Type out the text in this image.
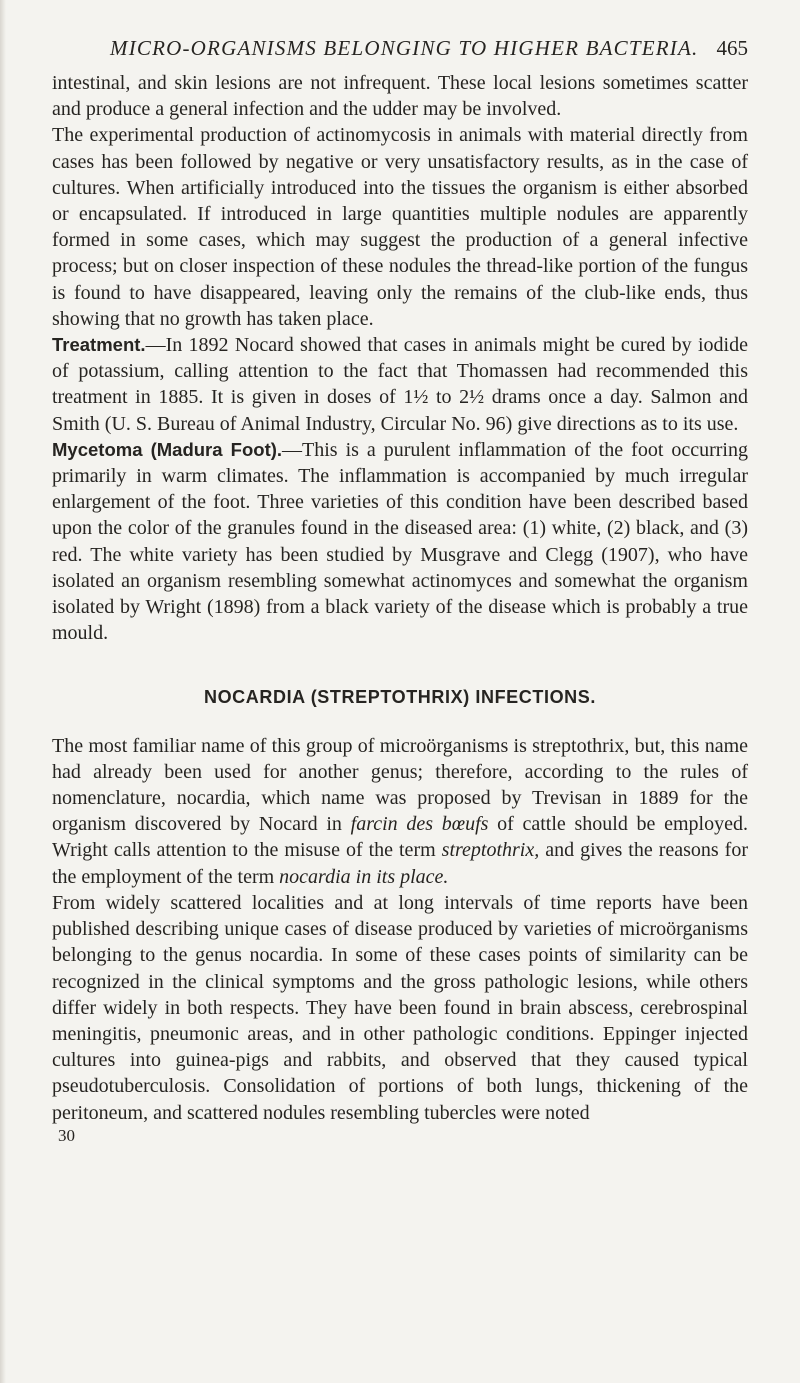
MICRO-ORGANISMS BELONGING TO HIGHER BACTERIA. 465

intestinal, and skin lesions are not infrequent. These local lesions sometimes scatter and produce a general infection and the udder may be involved.

The experimental production of actinomycosis in animals with material directly from cases has been followed by negative or very unsatisfactory results, as in the case of cultures. When artificially introduced into the tissues the organism is either absorbed or encapsulated. If introduced in large quantities multiple nodules are apparently formed in some cases, which may suggest the production of a general infective process; but on closer inspection of these nodules the thread-like portion of the fungus is found to have disappeared, leaving only the remains of the club-like ends, thus showing that no growth has taken place.

Treatment.—In 1892 Nocard showed that cases in animals might be cured by iodide of potassium, calling attention to the fact that Thomassen had recommended this treatment in 1885. It is given in doses of 1½ to 2½ drams once a day. Salmon and Smith (U. S. Bureau of Animal Industry, Circular No. 96) give directions as to its use.

Mycetoma (Madura Foot).—This is a purulent inflammation of the foot occurring primarily in warm climates. The inflammation is accompanied by much irregular enlargement of the foot. Three varieties of this condition have been described based upon the color of the granules found in the diseased area: (1) white, (2) black, and (3) red. The white variety has been studied by Musgrave and Clegg (1907), who have isolated an organism resembling somewhat actinomyces and somewhat the organism isolated by Wright (1898) from a black variety of the disease which is probably a true mould.

NOCARDIA (STREPTOTHRIX) INFECTIONS.

The most familiar name of this group of microörganisms is streptothrix, but, this name had already been used for another genus; therefore, according to the rules of nomenclature, nocardia, which name was proposed by Trevisan in 1889 for the organism discovered by Nocard in farcin des bœufs of cattle should be employed. Wright calls attention to the misuse of the term streptothrix, and gives the reasons for the employment of the term nocardia in its place.

From widely scattered localities and at long intervals of time reports have been published describing unique cases of disease produced by varieties of microörganisms belonging to the genus nocardia. In some of these cases points of similarity can be recognized in the clinical symptoms and the gross pathologic lesions, while others differ widely in both respects. They have been found in brain abscess, cerebrospinal meningitis, pneumonic areas, and in other pathologic conditions. Eppinger injected cultures into guinea-pigs and rabbits, and observed that they caused typical pseudotuberculosis. Consolidation of portions of both lungs, thickening of the peritoneum, and scattered nodules resembling tubercles were noted

30
